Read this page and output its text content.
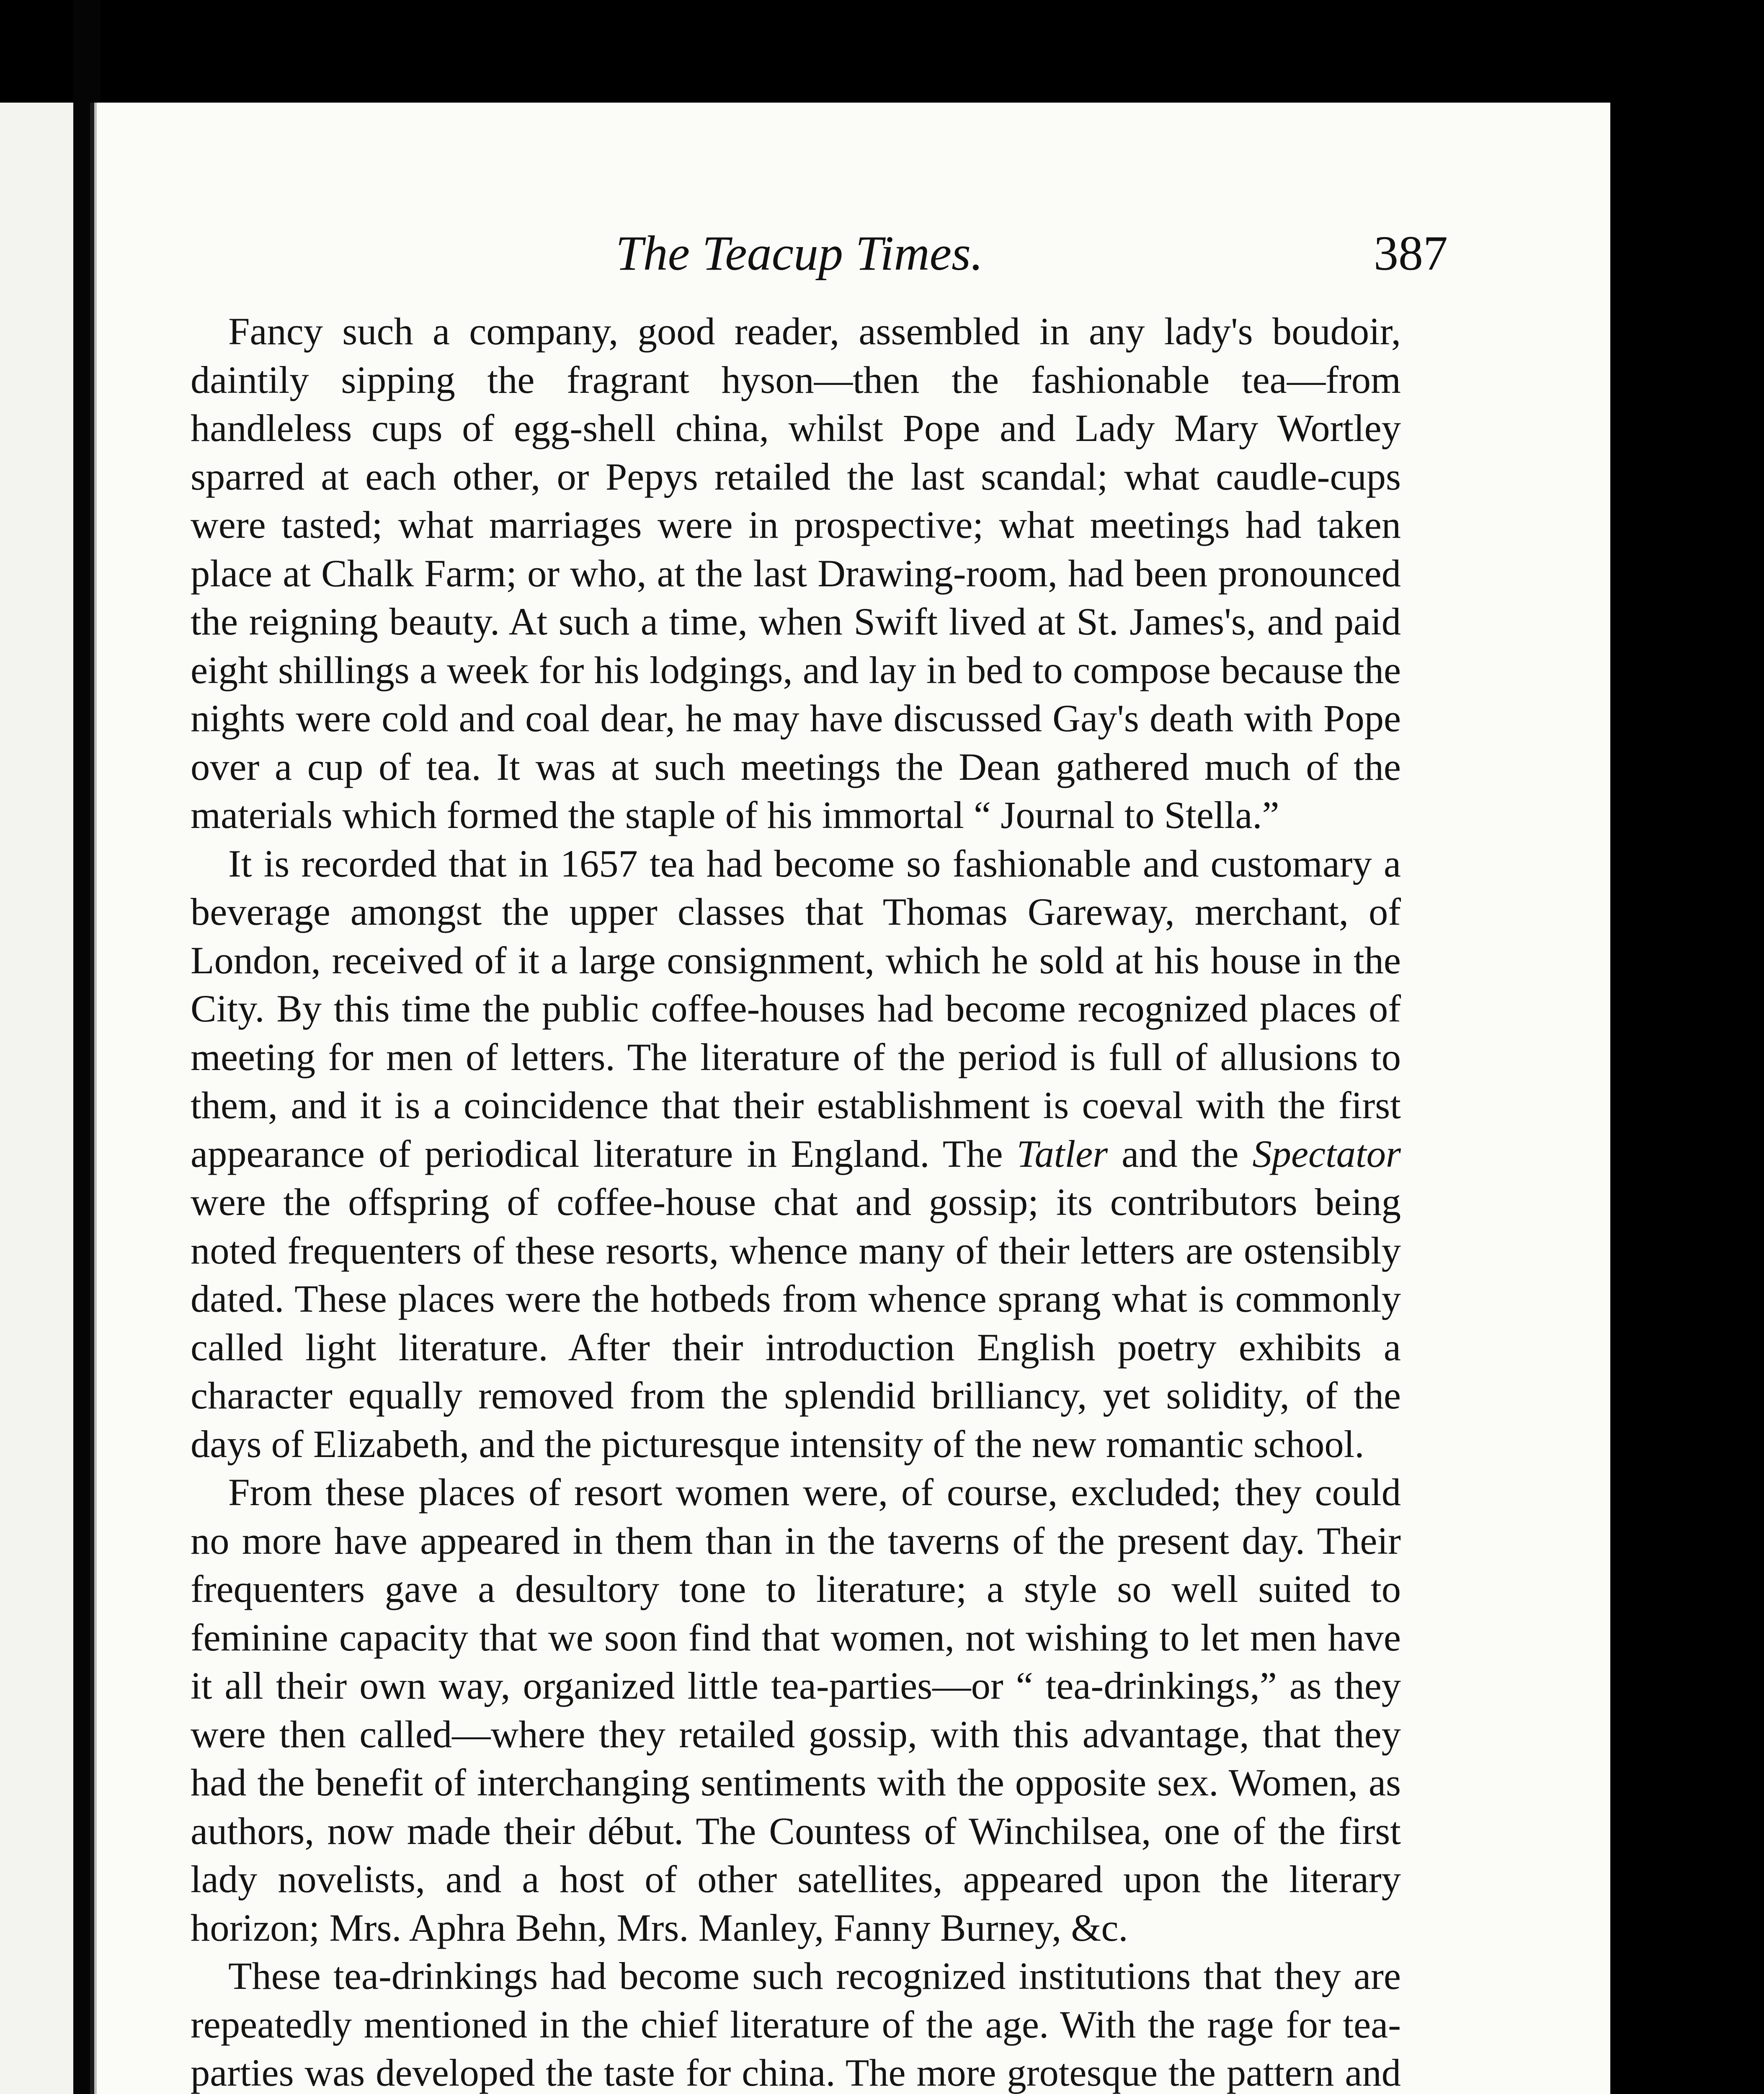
The Teacup Times.	387

Fancy such a company, good reader, assembled in any lady's boudoir, daintily sipping the fragrant hyson—then the fashionable tea—from handleless cups of egg-shell china, whilst Pope and Lady Mary Wortley sparred at each other, or Pepys retailed the last scandal; what caudle-cups were tasted; what marriages were in prospective; what meetings had taken place at Chalk Farm; or who, at the last Drawing-room, had been pronounced the reigning beauty. At such a time, when Swift lived at St. James's, and paid eight shillings a week for his lodgings, and lay in bed to compose because the nights were cold and coal dear, he may have discussed Gay's death with Pope over a cup of tea. It was at such meetings the Dean gathered much of the materials which formed the staple of his immortal “ Journal to Stella.”

It is recorded that in 1657 tea had become so fashionable and customary a beverage amongst the upper classes that Thomas Gareway, merchant, of London, received of it a large consignment, which he sold at his house in the City. By this time the public coffee-houses had become recognized places of meeting for men of letters. The literature of the period is full of allusions to them, and it is a coincidence that their establishment is coeval with the first appearance of periodical literature in England. The Tatler and the Spectator were the offspring of coffee-house chat and gossip; its contributors being noted frequenters of these resorts, whence many of their letters are ostensibly dated. These places were the hotbeds from whence sprang what is commonly called light literature. After their introduction English poetry exhibits a character equally removed from the splendid brilliancy, yet solidity, of the days of Elizabeth, and the picturesque intensity of the new romantic school.

From these places of resort women were, of course, excluded; they could no more have appeared in them than in the taverns of the present day. Their frequenters gave a desultory tone to literature; a style so well suited to feminine capacity that we soon find that women, not wishing to let men have it all their own way, organized little tea-parties—or “ tea-drinkings,” as they were then called—where they retailed gossip, with this advantage, that they had the benefit of interchanging sentiments with the opposite sex. Women, as authors, now made their début. The Countess of Winchilsea, one of the first lady novelists, and a host of other satellites, appeared upon the literary horizon; Mrs. Aphra Behn, Mrs. Manley, Fanny Burney, &c.

These tea-drinkings had become such recognized institutions that they are repeatedly mentioned in the chief literature of the age. With the rage for tea-parties was developed the taste for china. The more grotesque the pattern and
